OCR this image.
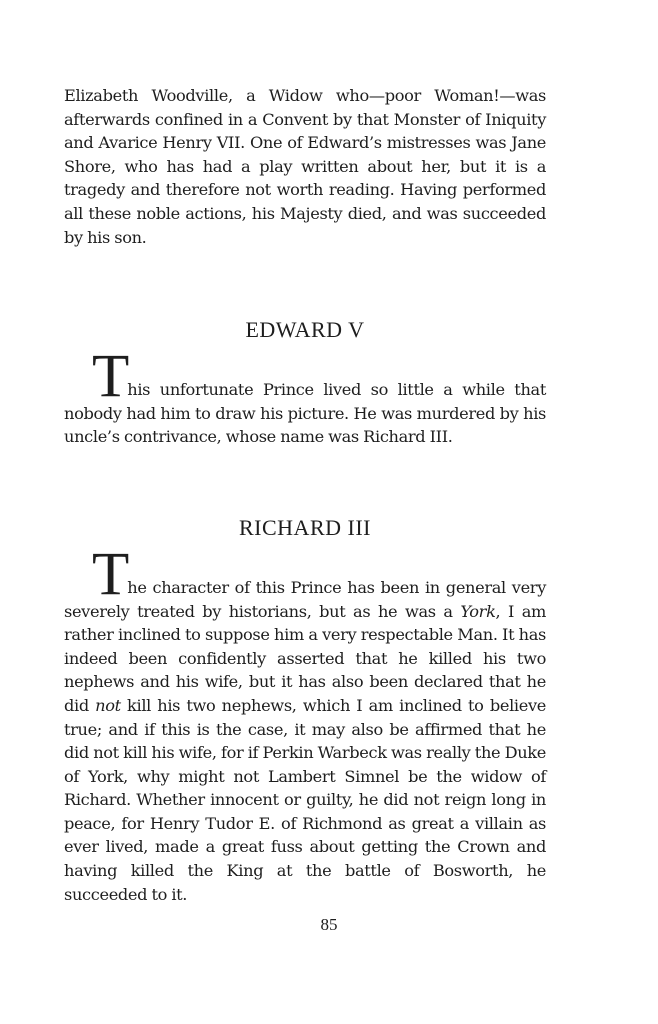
Elizabeth Woodville, a Widow who—poor Woman!—was afterwards confined in a Convent by that Monster of Iniquity and Avarice Henry VII. One of Edward’s mistresses was Jane Shore, who has had a play written about her, but it is a tragedy and therefore not worth reading. Having performed all these noble actions, his Majesty died, and was succeeded by his son.

EDWARD V

This unfortunate Prince lived so little a while that nobody had him to draw his picture. He was murdered by his uncle’s contrivance, whose name was Richard III.

RICHARD III

The character of this Prince has been in general very severely treated by historians, but as he was a York, I am rather inclined to suppose him a very respectable Man. It has indeed been confidently asserted that he killed his two nephews and his wife, but it has also been declared that he did not kill his two nephews, which I am inclined to believe true; and if this is the case, it may also be affirmed that he did not kill his wife, for if Perkin Warbeck was really the Duke of York, why might not Lambert Simnel be the widow of Richard. Whether innocent or guilty, he did not reign long in peace, for Henry Tudor E. of Richmond as great a villain as ever lived, made a great fuss about getting the Crown and having killed the King at the battle of Bosworth, he succeeded to it.

85
